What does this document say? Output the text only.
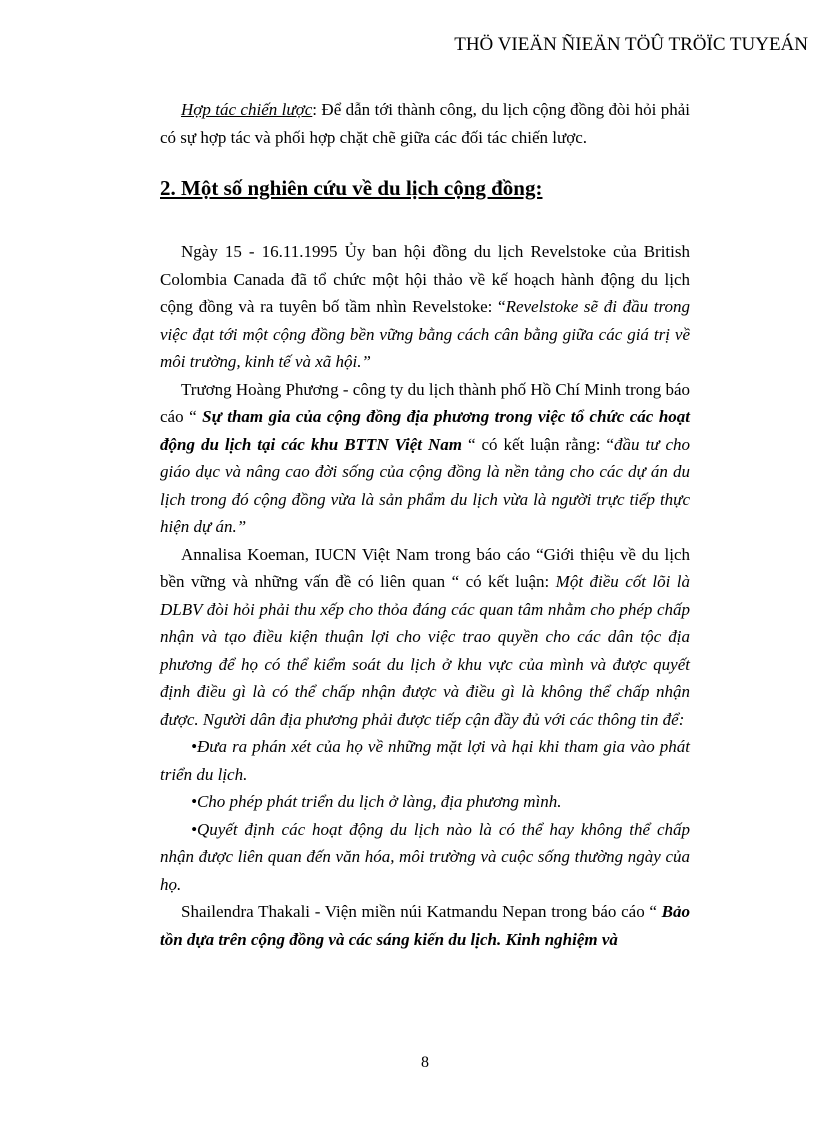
THÖ VIEÄN ÑIEÄN TÖÛ TRÖÏC TUYEÁN

Hợp tác chiến lược: Để dẫn tới thành công, du lịch cộng đồng đòi hỏi phải có sự hợp tác và phối hợp chặt chẽ giữa các đối tác chiến lược.

2. Một số nghiên cứu về du lịch cộng đồng:

Ngày 15 - 16.11.1995 Ủy ban hội đồng du lịch Revelstoke của British Colombia Canada đã tổ chức một hội thảo về kế hoạch hành động du lịch cộng đồng và ra tuyên bố tầm nhìn Revelstoke: “Revelstoke sẽ đi đầu trong việc đạt tới một cộng đồng bền vững bằng cách cân bằng giữa các giá trị về môi trường, kinh tế và xã hội.”

Trương Hoàng Phương - công ty du lịch thành phố Hồ Chí Minh trong báo cáo “ Sự tham gia của cộng đồng địa phương trong việc tổ chức các hoạt động du lịch tại các khu BTTN Việt Nam “ có kết luận rằng: “đầu tư cho giáo dục và nâng cao đời sống của cộng đồng là nền tảng cho các dự án du lịch trong đó cộng đồng vừa là sản phẩm du lịch vừa là người trực tiếp thực hiện dự án.”

Annalisa Koeman, IUCN Việt Nam trong báo cáo “Giới thiệu về du lịch bền vững và những vấn đề có liên quan “ có kết luận: Một điều cốt lõi là DLBV đòi hỏi phải thu xếp cho thỏa đáng các quan tâm nhằm cho phép chấp nhận và tạo điều kiện thuận lợi cho việc trao quyền cho các dân tộc địa phương để họ có thể kiểm soát du lịch ở khu vực của mình và được quyết định điều gì là có thể chấp nhận được và điều gì là không thể chấp nhận được. Người dân địa phương phải được tiếp cận đầy đủ với các thông tin để:

•Đưa ra phán xét của họ về những mặt lợi và hại khi tham gia vào phát triển du lịch.

•Cho phép phát triển du lịch ở làng, địa phương mình.

•Quyết định các hoạt động du lịch nào là có thể hay không thể chấp nhận được liên quan đến văn hóa, môi trường và cuộc sống thường ngày của họ.

Shailendra Thakali - Viện miền núi Katmandu Nepan trong báo cáo “ Bảo tồn dựa trên cộng đồng và các sáng kiến du lịch. Kinh nghiệm và

8
